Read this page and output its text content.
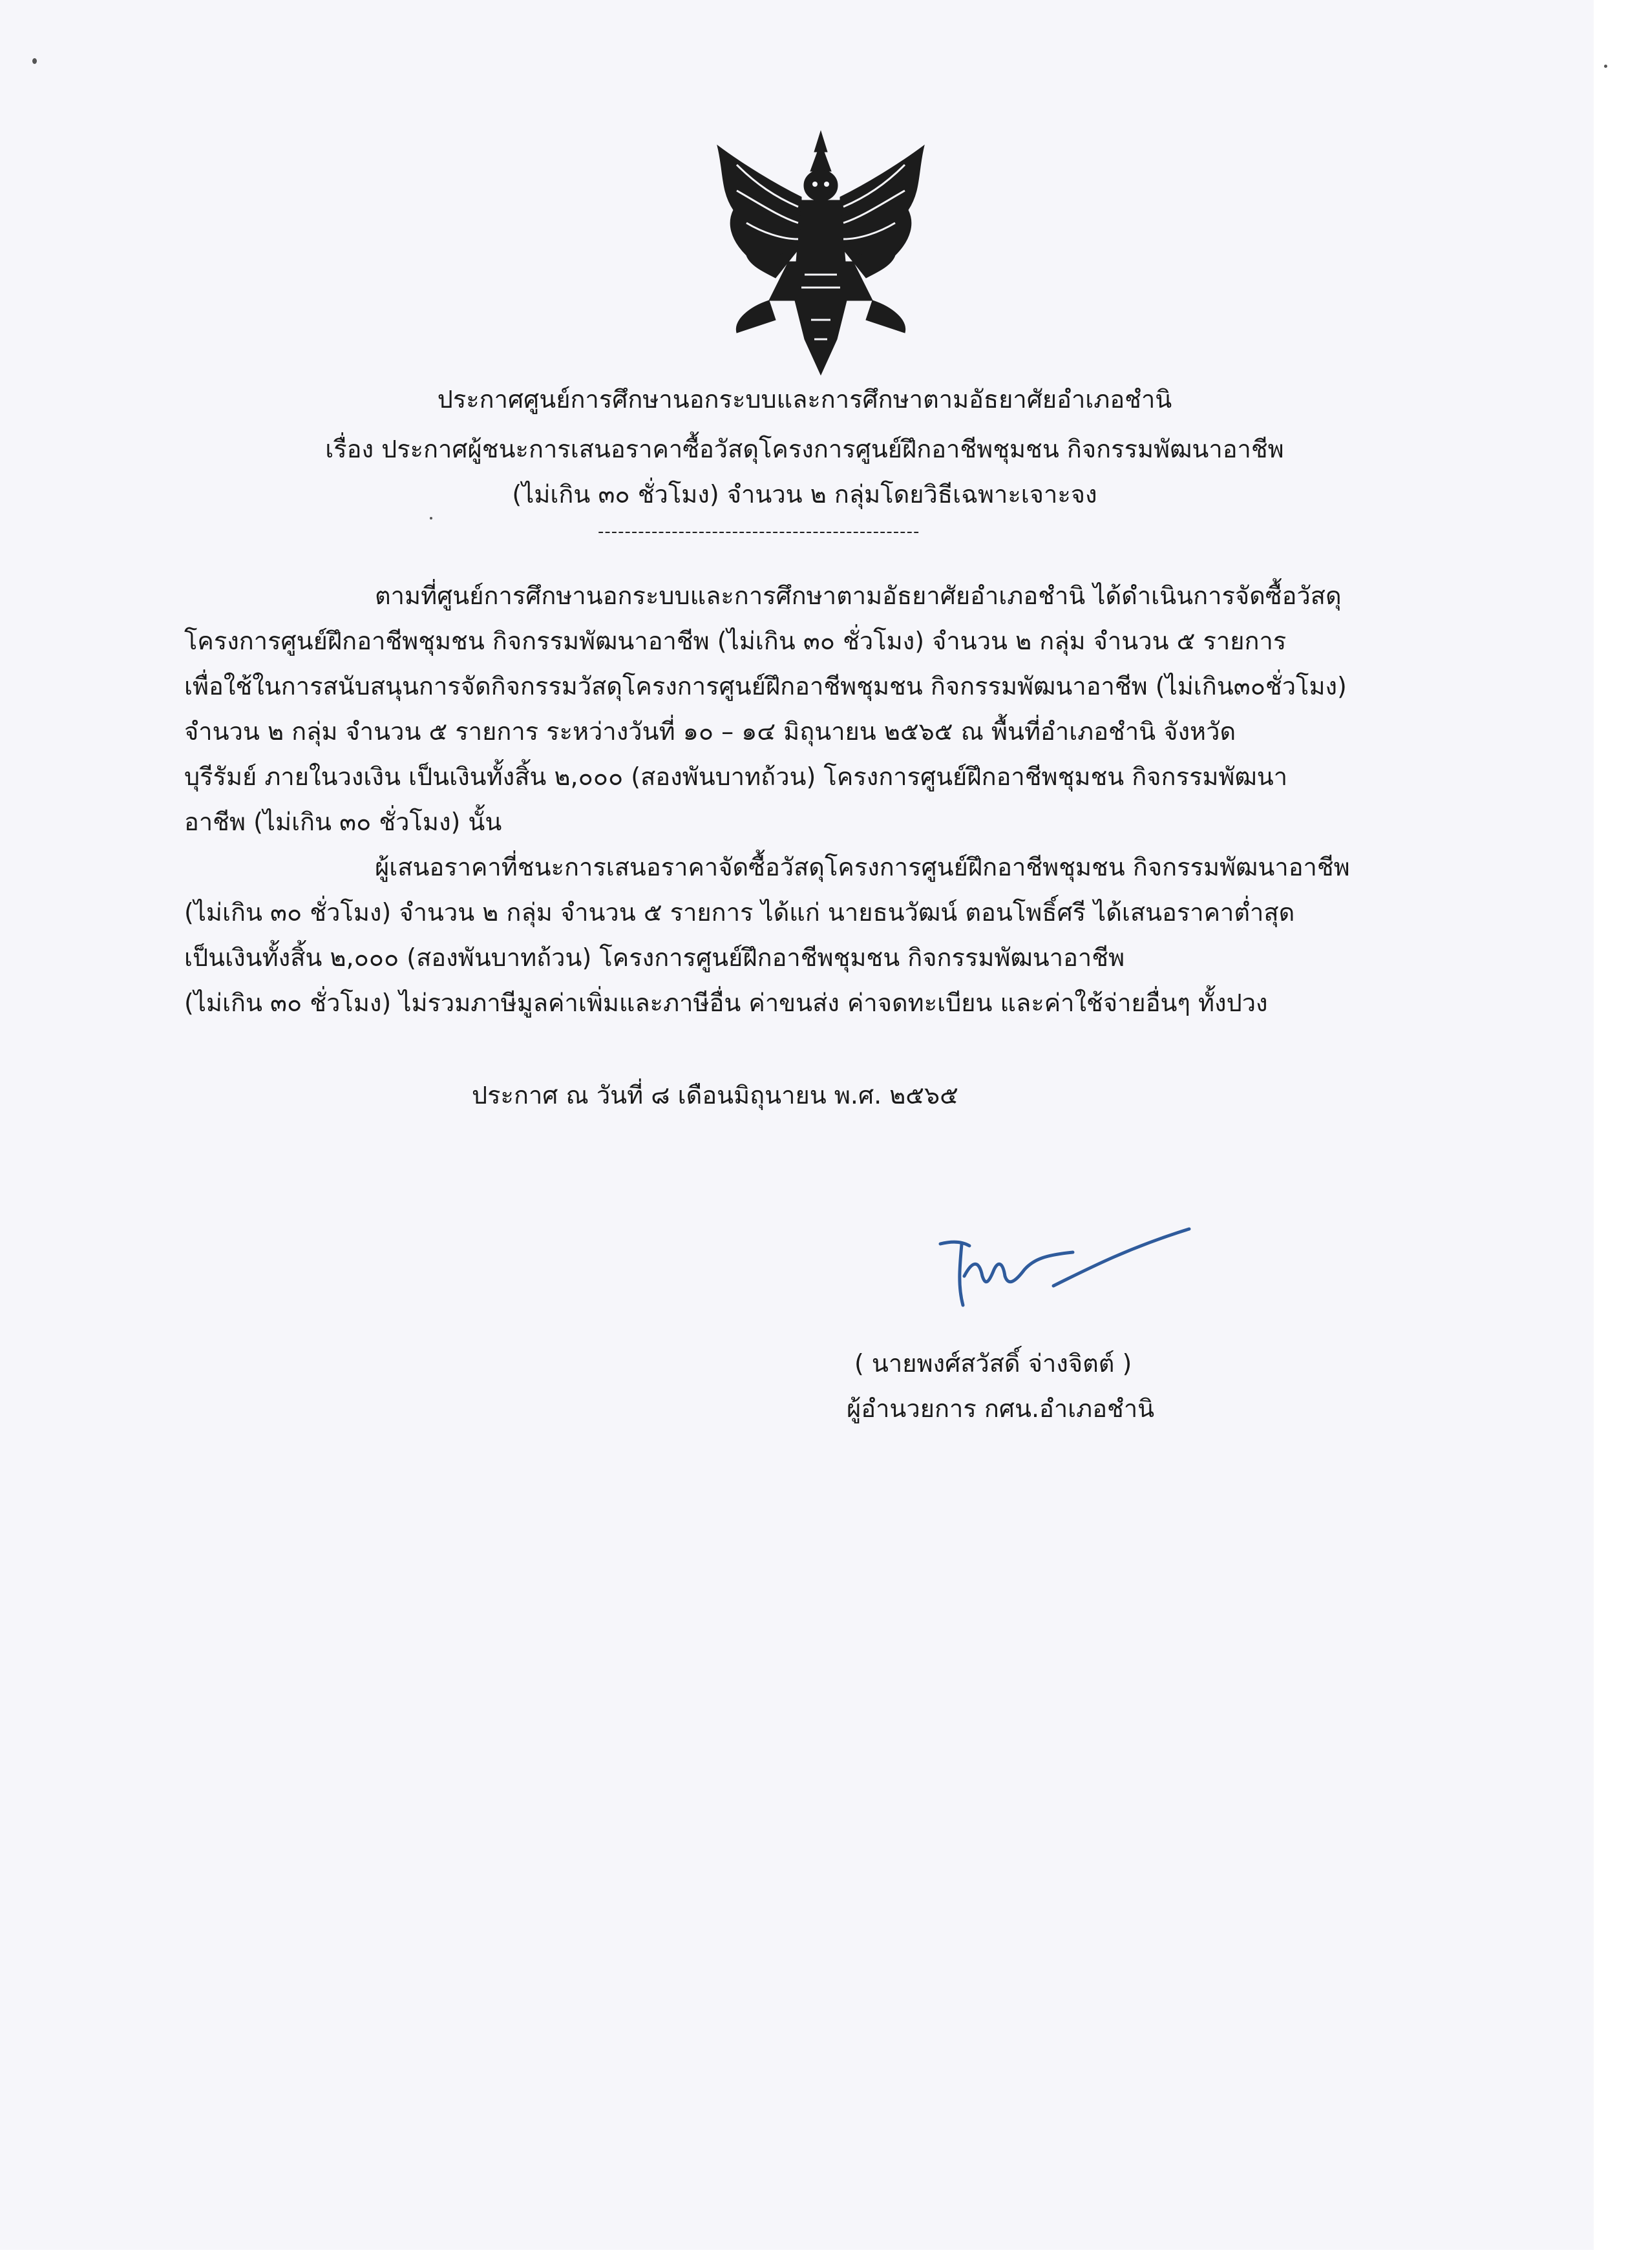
ประกาศศูนย์การศึกษานอกระบบและการศึกษาตามอัธยาศัยอำเภอชำนิ
เรื่อง ประกาศผู้ชนะการเสนอราคาซื้อวัสดุโครงการศูนย์ฝึกอาชีพชุมชน กิจกรรมพัฒนาอาชีพ
(ไม่เกิน ๓๐ ชั่วโมง) จำนวน ๒ กลุ่มโดยวิธีเฉพาะเจาะจง
------------------------------------------------
ตามที่ศูนย์การศึกษานอกระบบและการศึกษาตามอัธยาศัยอำเภอชำนิ ได้ดำเนินการจัดซื้อวัสดุ
โครงการศูนย์ฝึกอาชีพชุมชน กิจกรรมพัฒนาอาชีพ (ไม่เกิน ๓๐ ชั่วโมง) จำนวน ๒ กลุ่ม จำนวน ๕ รายการ
เพื่อใช้ในการสนับสนุนการจัดกิจกรรมวัสดุโครงการศูนย์ฝึกอาชีพชุมชน กิจกรรมพัฒนาอาชีพ (ไม่เกิน๓๐ชั่วโมง)
จำนวน ๒ กลุ่ม จำนวน ๕ รายการ ระหว่างวันที่ ๑๐ – ๑๔ มิถุนายน ๒๕๖๕ ณ พื้นที่อำเภอชำนิ จังหวัด
บุรีรัมย์ ภายในวงเงิน เป็นเงินทั้งสิ้น ๒,๐๐๐ (สองพันบาทถ้วน) โครงการศูนย์ฝึกอาชีพชุมชน กิจกรรมพัฒนา
อาชีพ (ไม่เกิน ๓๐ ชั่วโมง) นั้น
ผู้เสนอราคาที่ชนะการเสนอราคาจัดซื้อวัสดุโครงการศูนย์ฝึกอาชีพชุมชน กิจกรรมพัฒนาอาชีพ
(ไม่เกิน ๓๐ ชั่วโมง) จำนวน ๒ กลุ่ม จำนวน ๕ รายการ ได้แก่ นายธนวัฒน์ ตอนโพธิ์ศรี ได้เสนอราคาต่ำสุด
เป็นเงินทั้งสิ้น ๒,๐๐๐ (สองพันบาทถ้วน) โครงการศูนย์ฝึกอาชีพชุมชน กิจกรรมพัฒนาอาชีพ
(ไม่เกิน ๓๐ ชั่วโมง) ไม่รวมภาษีมูลค่าเพิ่มและภาษีอื่น ค่าขนส่ง ค่าจดทะเบียน และค่าใช้จ่ายอื่นๆ ทั้งปวง
ประกาศ ณ วันที่ ๘ เดือนมิถุนายน พ.ศ. ๒๕๖๕
( นายพงศ์สวัสดิ์ จ่างจิตต์ )
ผู้อำนวยการ กศน.อำเภอชำนิ
